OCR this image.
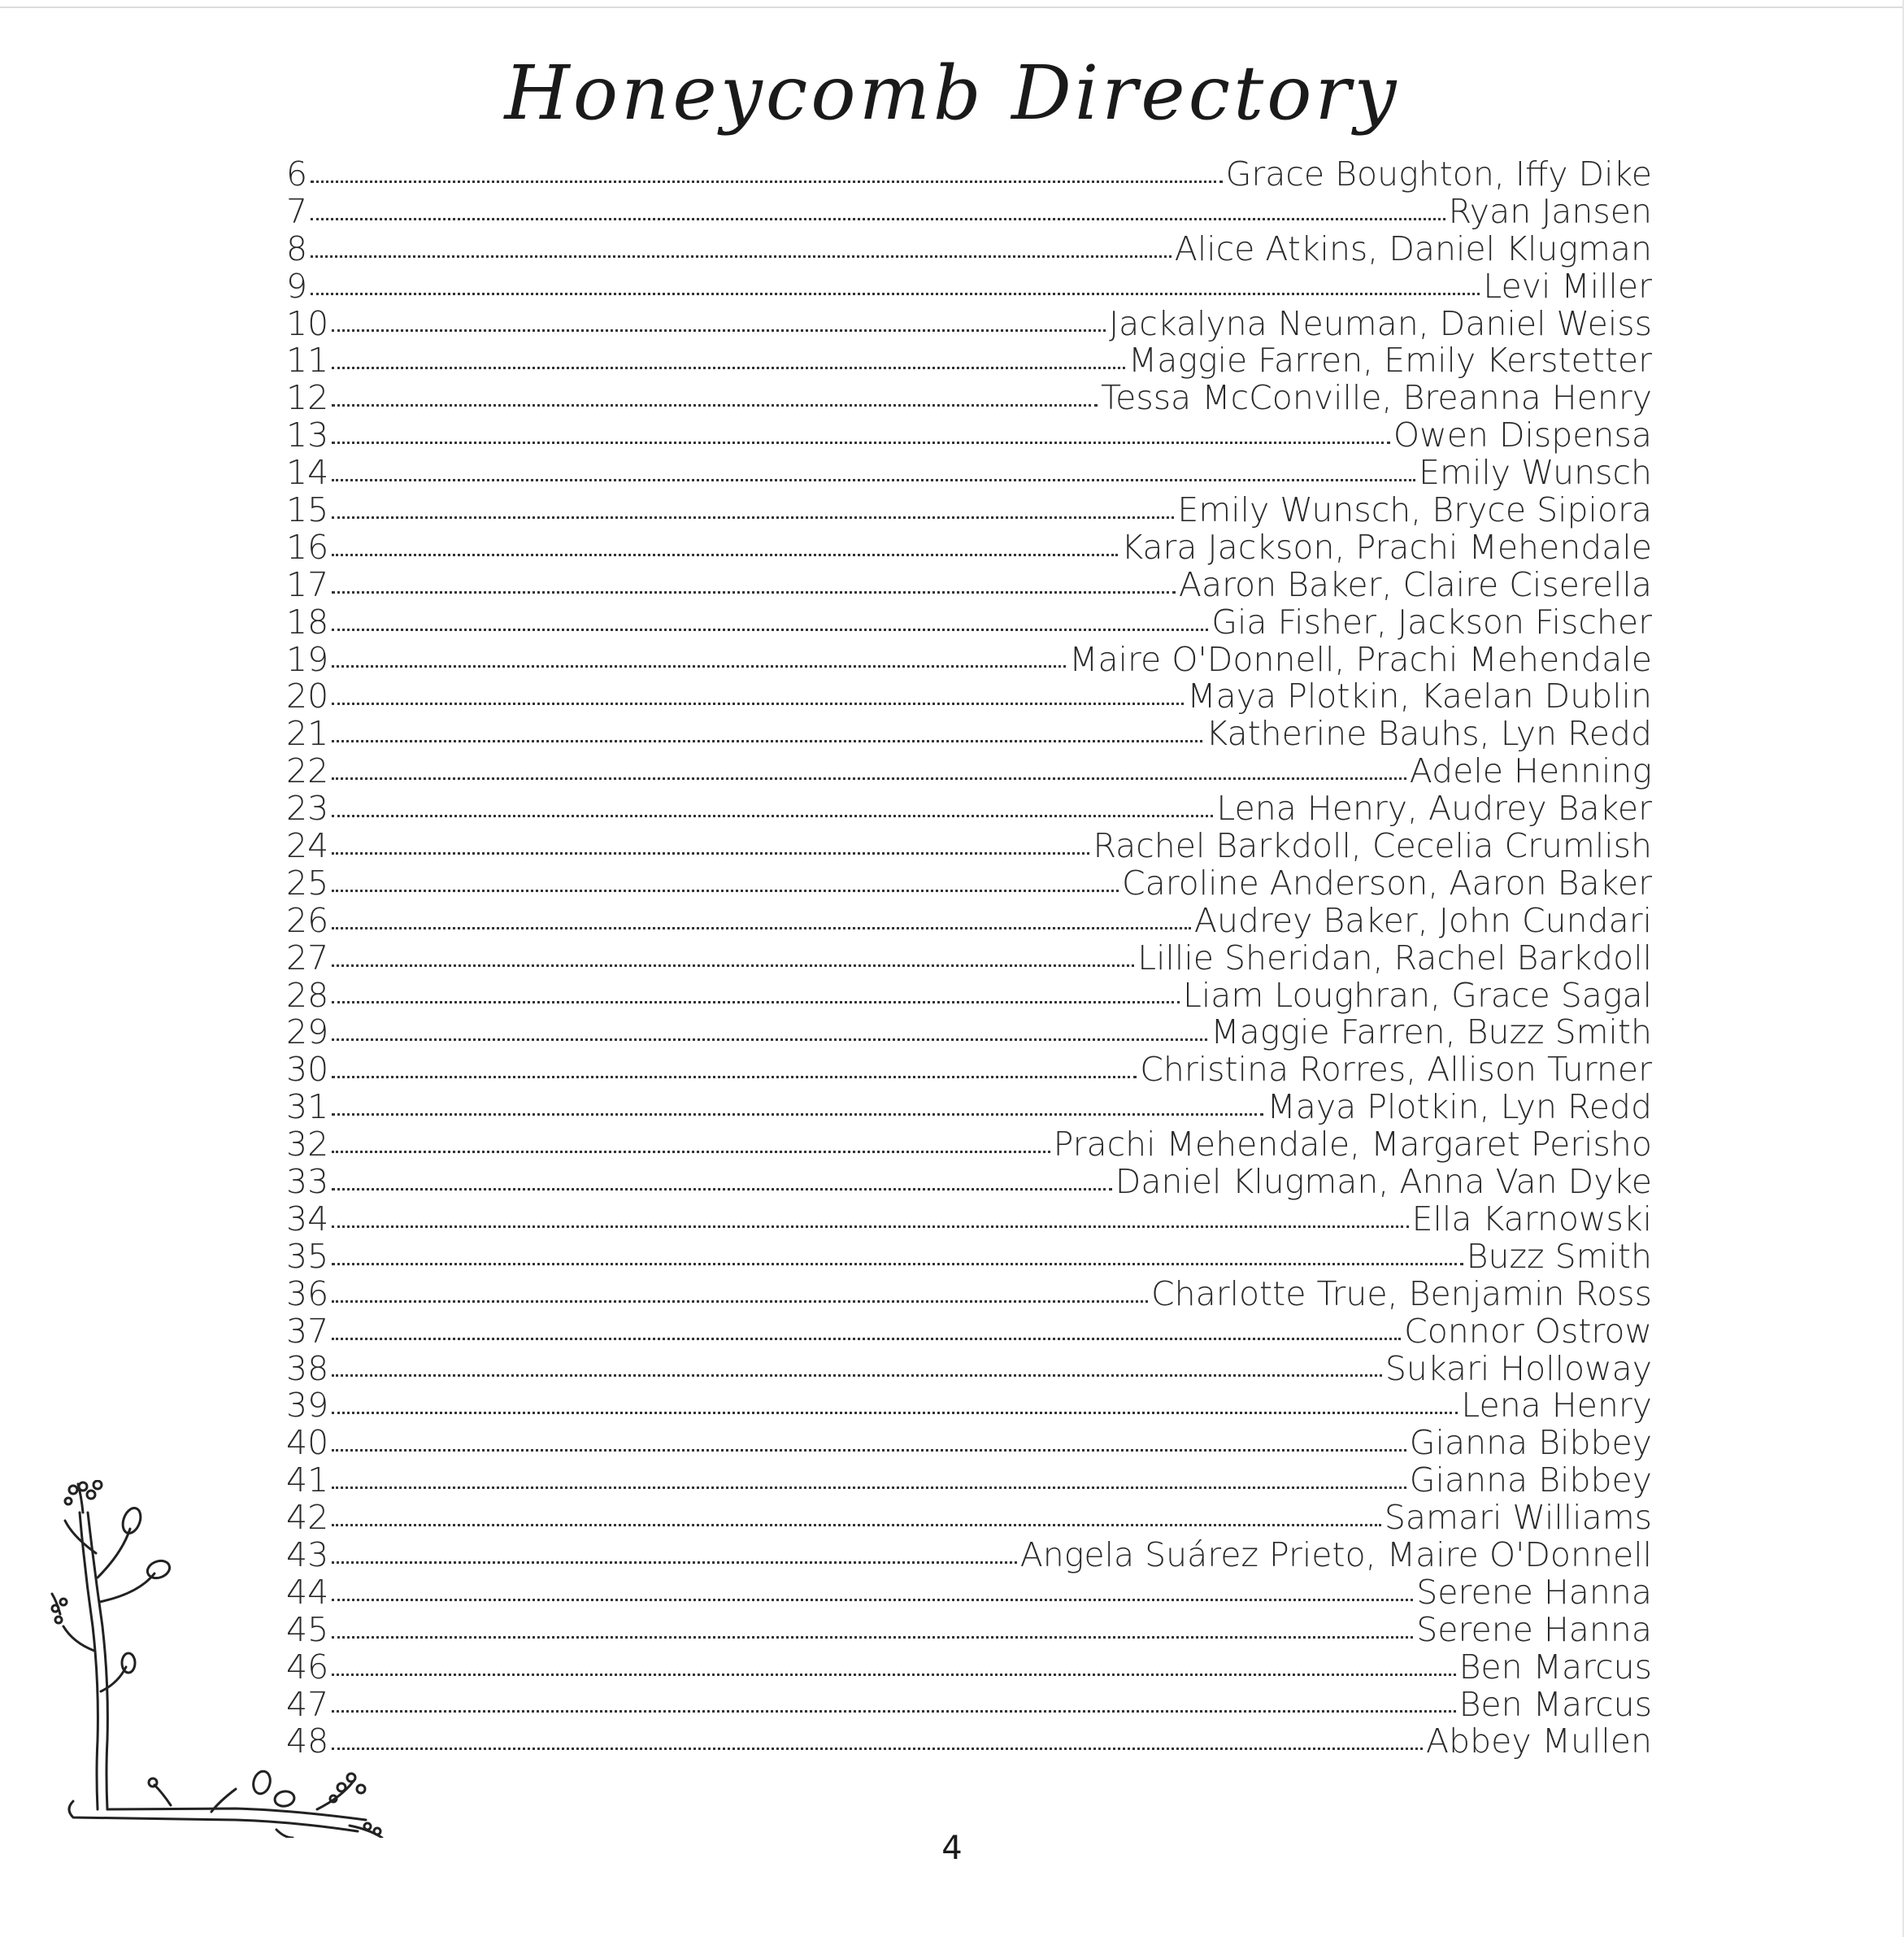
Honeycomb Directory
6	Grace Boughton, Iffy Dike
7	Ryan Jansen
8	Alice Atkins, Daniel Klugman
9	Levi Miller
10	Jackalyna Neuman, Daniel Weiss
11	Maggie Farren, Emily Kerstetter
12	Tessa McConville, Breanna Henry
13	Owen Dispensa
14	Emily Wunsch
15	Emily Wunsch, Bryce Sipiora
16	Kara Jackson, Prachi Mehendale
17	Aaron Baker, Claire Ciserella
18	Gia Fisher, Jackson Fischer
19	Maire O'Donnell, Prachi Mehendale
20	Maya Plotkin, Kaelan Dublin
21	Katherine Bauhs, Lyn Redd
22	Adele Henning
23	Lena Henry, Audrey Baker
24	Rachel Barkdoll, Cecelia Crumlish
25	Caroline Anderson, Aaron Baker
26	Audrey Baker, John Cundari
27	Lillie Sheridan, Rachel Barkdoll
28	Liam Loughran, Grace Sagal
29	Maggie Farren, Buzz Smith
30	Christina Rorres, Allison Turner
31	Maya Plotkin, Lyn Redd
32	Prachi Mehendale, Margaret Perisho
33	Daniel Klugman, Anna Van Dyke
34	Ella Karnowski
35	Buzz Smith
36	Charlotte True, Benjamin Ross
37	Connor Ostrow
38	Sukari Holloway
39	Lena Henry
40	Gianna Bibbey
41	Gianna Bibbey
42	Samari Williams
43	Angela Suárez Prieto, Maire O'Donnell
44	Serene Hanna
45	Serene Hanna
46	Ben Marcus
47	Ben Marcus
48	Abbey Mullen
4
